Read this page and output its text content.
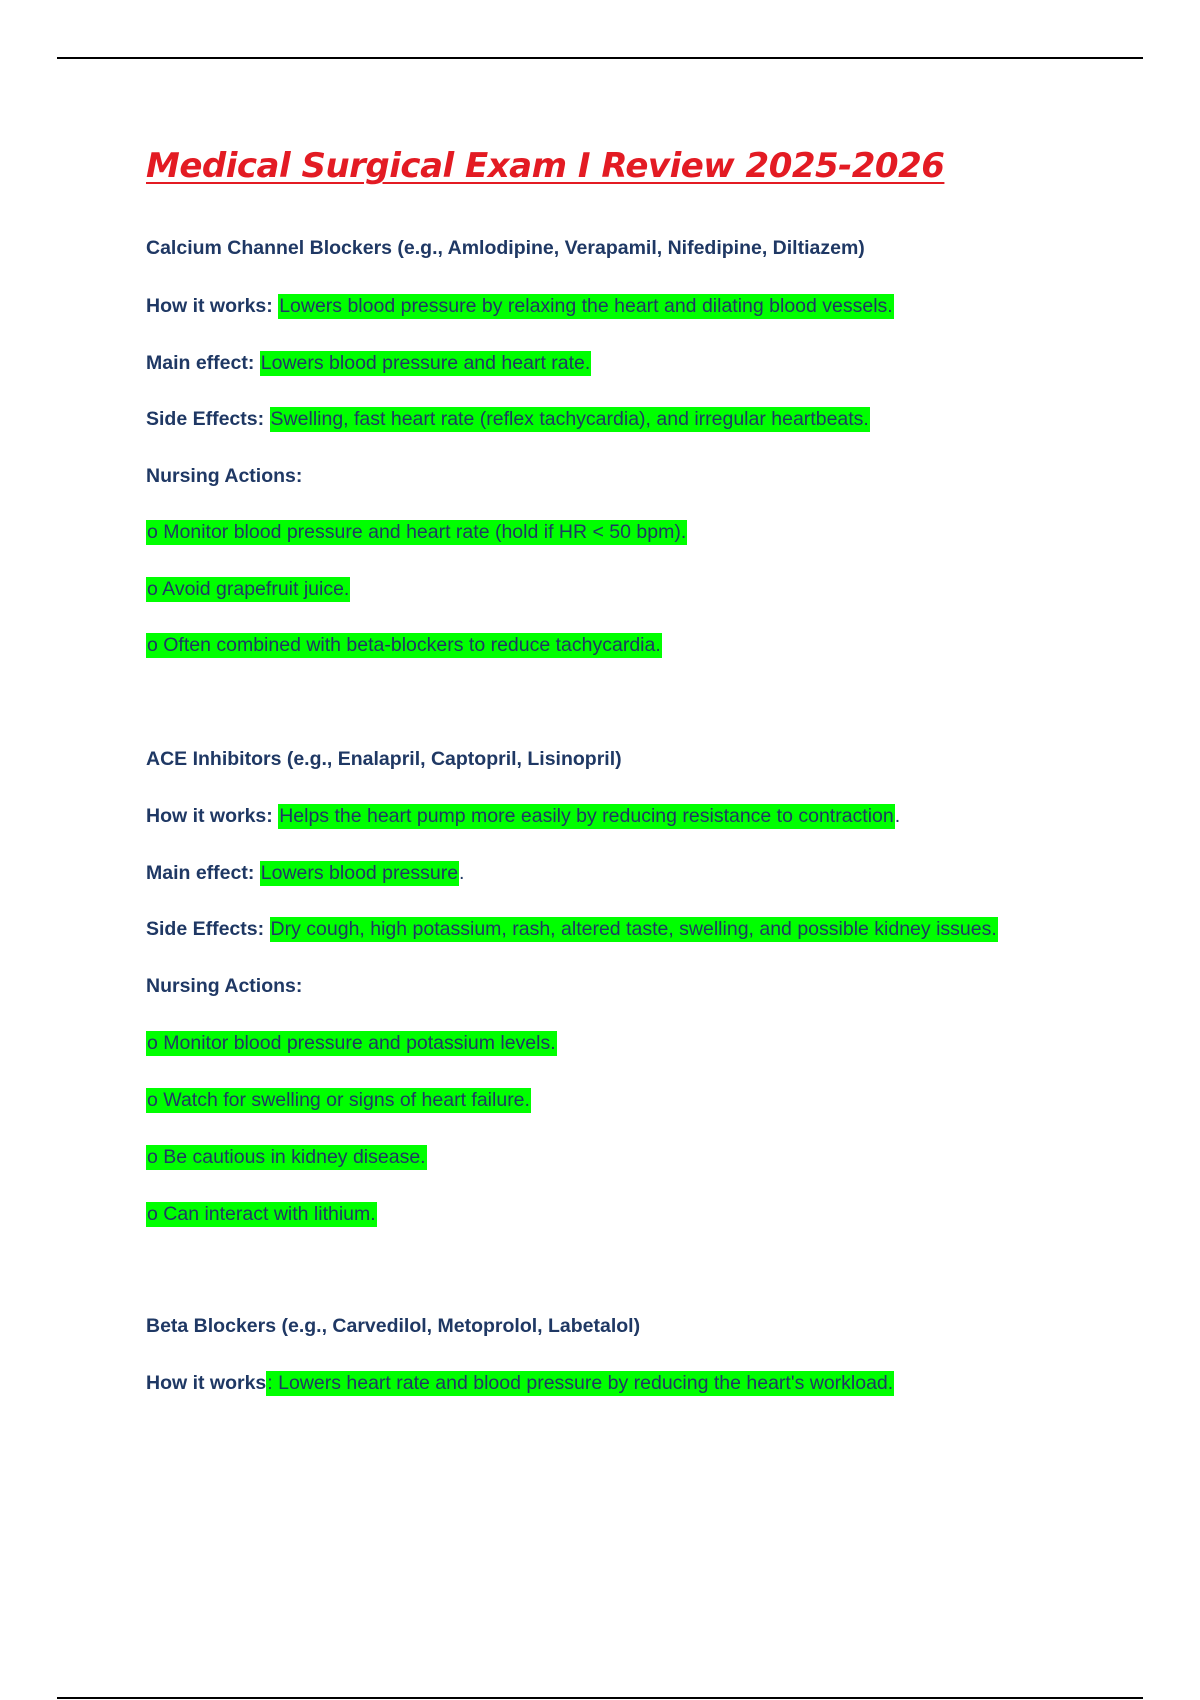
Medical Surgical Exam I Review 2025-2026
Calcium Channel Blockers (e.g., Amlodipine, Verapamil, Nifedipine, Diltiazem)
How it works: Lowers blood pressure by relaxing the heart and dilating blood vessels.
Main effect: Lowers blood pressure and heart rate.
Side Effects: Swelling, fast heart rate (reflex tachycardia), and irregular heartbeats.
Nursing Actions:
o Monitor blood pressure and heart rate (hold if HR < 50 bpm).
o Avoid grapefruit juice.
o Often combined with beta-blockers to reduce tachycardia.
ACE Inhibitors (e.g., Enalapril, Captopril, Lisinopril)
How it works: Helps the heart pump more easily by reducing resistance to contraction.
Main effect: Lowers blood pressure.
Side Effects: Dry cough, high potassium, rash, altered taste, swelling, and possible kidney issues.
Nursing Actions:
o Monitor blood pressure and potassium levels.
o Watch for swelling or signs of heart failure.
o Be cautious in kidney disease.
o Can interact with lithium.
Beta Blockers (e.g., Carvedilol, Metoprolol, Labetalol)
How it works: Lowers heart rate and blood pressure by reducing the heart's workload.
